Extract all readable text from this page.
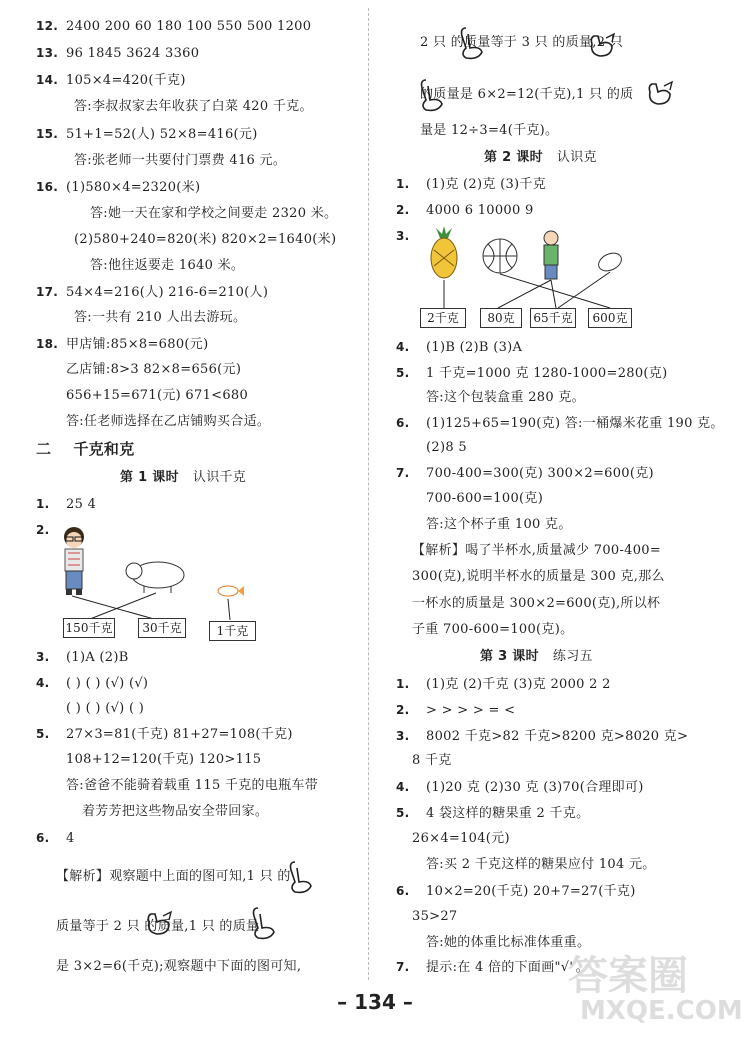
12. 2400 200 60 180 100 550 500 1200
13. 96 1845 3624 3360
14. 105×4=420(千克)
答:李叔叔家去年收获了白菜 420 千克。
15. 51+1=52(人) 52×8=416(元)
答:张老师一共要付门票费 416 元。
16. (1)580×4=2320(米)
答:她一天在家和学校之间要走 2320 米。
(2)580+240=820(米) 820×2=1640(米)
答:他往返要走 1640 米。
17. 54×4=216(人) 216-6=210(人)
答:一共有 210 人出去游玩。
18. 甲店铺:85×8=680(元)
乙店铺:8>3 82×8=656(元)
656+15=671(元) 671<680
答:任老师选择在乙店铺购买合适。
二 千克和克
第 1 课时 认识千克
1. 25 4
2.
150千克	30千克	1千克
3. (1)A (2)B
4. ( ) ( ) (√) (√)
( ) ( ) (√) ( )
5. 27×3=81(千克) 81+27=108(千克)
108+12=120(千克) 120>115
答:爸爸不能骑着载重 115 千克的电瓶车带
着芳芳把这些物品安全带回家。
6. 4
【解析】观察题中上面的图可知,1 只 的
质量等于 2 只 的质量,1 只 的质量
是 3×2=6(千克);观察题中下面的图可知,
2 只 的质量等于 3 只 的质量,2 只
的质量是 6×2=12(千克),1 只 的质
量是 12÷3=4(千克)。
第 2 课时 认识克
1. (1)克 (2)克 (3)千克
2. 4000 6 10000 9
3.
2千克	80克	65千克	600克
4. (1)B (2)B (3)A
5. 1 千克=1000 克 1280-1000=280(克)
答:这个包装盒重 280 克。
6. (1)125+65=190(克) 答:一桶爆米花重 190 克。
(2)8 5
7. 700-400=300(克) 300×2=600(克)
700-600=100(克)
答:这个杯子重 100 克。
【解析】喝了半杯水,质量减少 700-400=
300(克),说明半杯水的质量是 300 克,那么
一杯水的质量是 300×2=600(克),所以杯
子重 700-600=100(克)。
第 3 课时 练习五
1. (1)克 (2)千克 (3)克 2000 2 2
2. > > > > = <
3. 8002 千克>82 千克>8200 克>8020 克>
8 千克
4. (1)20 克 (2)30 克 (3)70(合理即可)
5. 4 袋这样的糖果重 2 千克。
26×4=104(元)
答:买 2 千克这样的糖果应付 104 元。
6. 10×2=20(千克) 20+7=27(千克)
35>27
答:她的体重比标准体重重。
7. 提示:在 4 倍的下面画"√"。
– 134 –
答案圈
MXQE.COM
